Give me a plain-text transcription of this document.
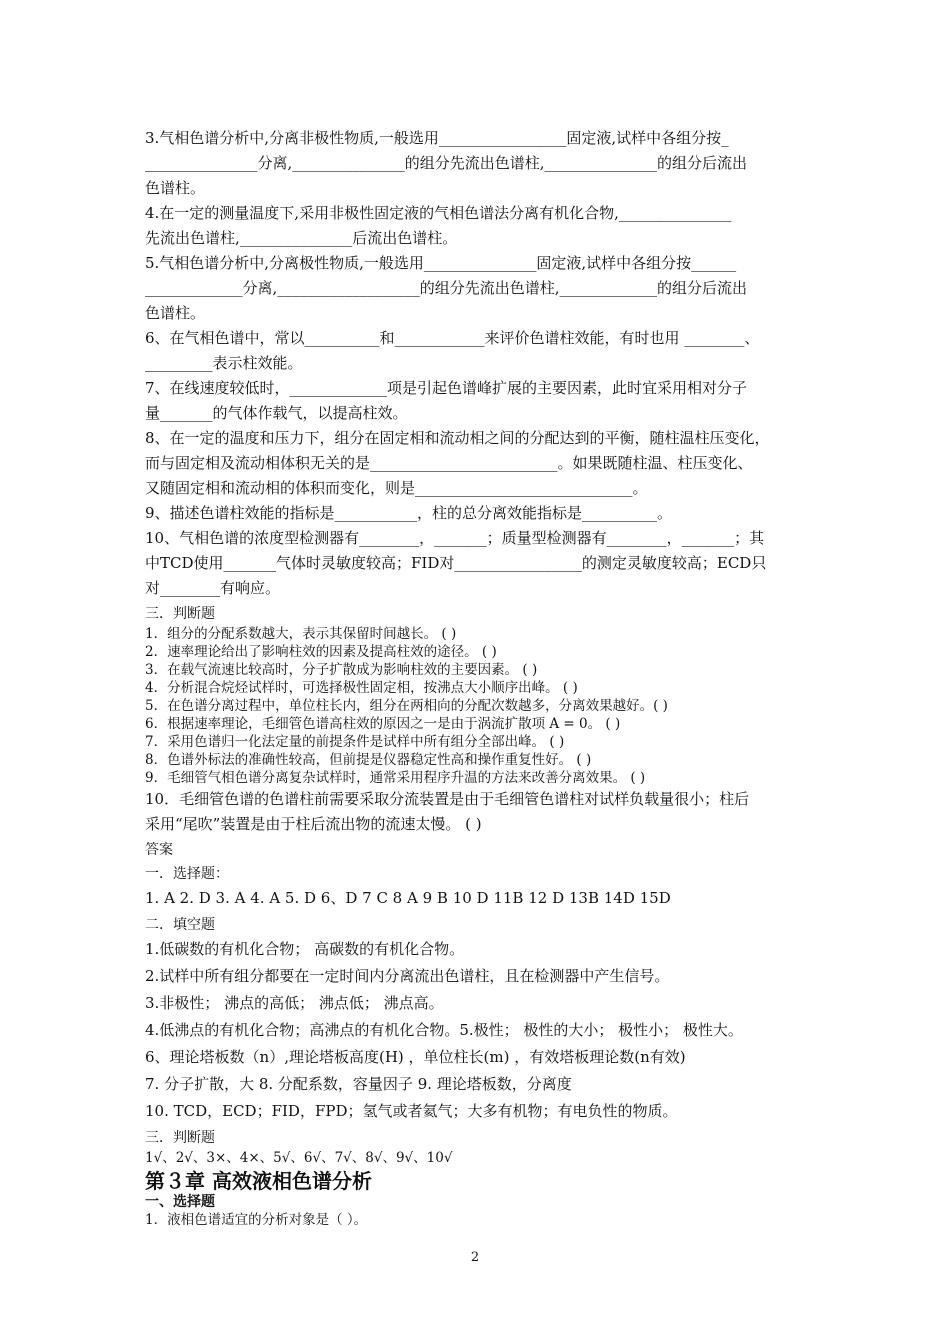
3.气相色谱分析中,分离非极性物质,一般选用_________________固定液,试样中各组分按_
_______________分离,_______________的组分先流出色谱柱,_______________的组分后流出
色谱柱。
4.在一定的测量温度下,采用非极性固定液的气相色谱法分离有机化合物,_______________
先流出色谱柱,_______________后流出色谱柱。
5.气相色谱分析中,分离极性物质,一般选用_______________固定液,试样中各组分按______
_____________分离,___________________的组分先流出色谱柱,_____________的组分后流出
色谱柱。
6、在气相色谱中，常以__________和____________来评价色谱柱效能，有时也用 ________、
_________表示柱效能。
7、在线速度较低时，_____________项是引起色谱峰扩展的主要因素，此时宜采用相对分子
量_______的气体作载气，以提高柱效。
8、在一定的温度和压力下，组分在固定相和流动相之间的分配达到的平衡，随柱温柱压变化，
而与固定相及流动相体积无关的是_________________________。如果既随柱温、柱压变化、
又随固定相和流动相的体积而变化，则是_____________________________。
9、描述色谱柱效能的指标是___________，柱的总分离效能指标是__________。
10、气相色谱的浓度型检测器有________，_______；质量型检测器有________，_______；其
中TCD使用_______气体时灵敏度较高；FID对_________________的测定灵敏度较高；ECD只
对________有响应。
三．判断题
1．组分的分配系数越大，表示其保留时间越长。 ( )
2．速率理论给出了影响柱效的因素及提高柱效的途径。 ( )
3．在载气流速比较高时，分子扩散成为影响柱效的主要因素。 ( )
4．分析混合烷烃试样时，可选择极性固定相，按沸点大小顺序出峰。 ( )
5．在色谱分离过程中，单位柱长内，组分在两相向的分配次数越多，分离效果越好。( )
6．根据速率理论，毛细管色谱高柱效的原因之一是由于涡流扩散项 A = 0。 ( )
7．采用色谱归一化法定量的前提条件是试样中所有组分全部出峰。 ( )
8．色谱外标法的准确性较高，但前提是仪器稳定性高和操作重复性好。 ( )
9．毛细管气相色谱分离复杂试样时，通常采用程序升温的方法来改善分离效果。 ( )
10．毛细管色谱的色谱柱前需要采取分流装置是由于毛细管色谱柱对试样负载量很小；柱后
采用“尾吹”装置是由于柱后流出物的流速太慢。 ( )
答案
一．选择题：
1. A 2. D 3. A 4. A 5. D 6、D 7 C 8 A 9 B 10 D 11B 12 D 13B 14D 15D
二．填空题
1.低碳数的有机化合物； 高碳数的有机化合物。
2.试样中所有组分都要在一定时间内分离流出色谱柱，且在检测器中产生信号。
3.非极性； 沸点的高低； 沸点低； 沸点高。
4.低沸点的有机化合物；高沸点的有机化合物。5.极性； 极性的大小； 极性小； 极性大。
6、理论塔板数（n）,理论塔板高度(H) ，单位柱长(m) ，有效塔板理论数(n有效)
7. 分子扩散，大 8. 分配系数，容量因子 9. 理论塔板数，分离度
10. TCD，ECD；FID，FPD；氢气或者氦气；大多有机物；有电负性的物质。
三．判断题
1√、2√、3×、4×、5√、6√、7√、8√、9√、10√
第３章 高效液相色谱分析
一、选择题
1．液相色谱适宜的分析对象是（ ）。
2
